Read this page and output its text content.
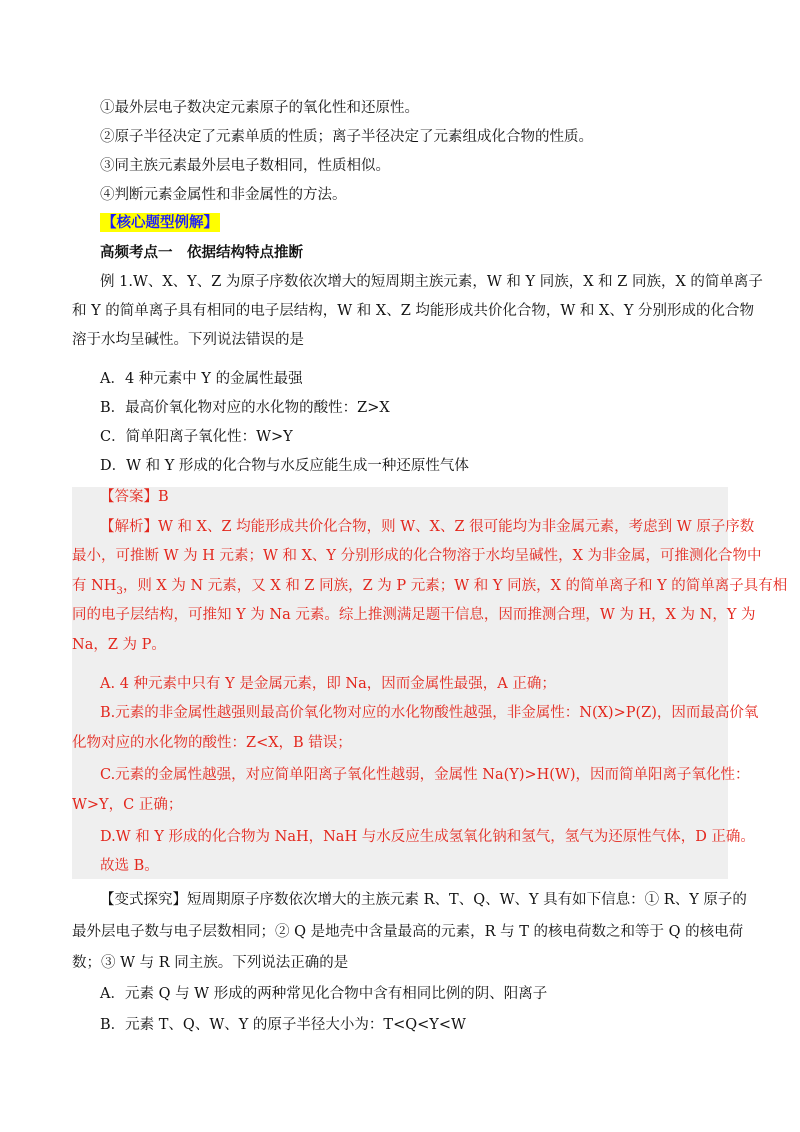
①最外层电子数决定元素原子的氧化性和还原性。
②原子半径决定了元素单质的性质；离子半径决定了元素组成化合物的性质。
③同主族元素最外层电子数相同，性质相似。
④判断元素金属性和非金属性的方法。
【核心题型例解】
高频考点一　依据结构特点推断
例 1.W、X、Y、Z 为原子序数依次增大的短周期主族元素，W 和 Y 同族，X 和 Z 同族，X 的简单离子
和 Y 的简单离子具有相同的电子层结构，W 和 X、Z 均能形成共价化合物，W 和 X、Y 分别形成的化合物
溶于水均呈碱性。下列说法错误的是
A．4 种元素中 Y 的金属性最强
B．最高价氧化物对应的水化物的酸性：Z>X
C．简单阳离子氧化性：W>Y
D．W 和 Y 形成的化合物与水反应能生成一种还原性气体
【答案】B
【解析】W 和 X、Z 均能形成共价化合物，则 W、X、Z 很可能均为非金属元素，考虑到 W 原子序数
最小，可推断 W 为 H 元素；W 和 X、Y 分别形成的化合物溶于水均呈碱性，X 为非金属，可推测化合物中
有 $NH_3$，则 X 为 N 元素，又 X 和 Z 同族，Z 为 P 元素；W 和 Y 同族，X 的简单离子和 Y 的简单离子具有相
同的电子层结构，可推知 Y 为 Na 元素。综上推测满足题干信息，因而推测合理，W 为 H，X 为 N，Y 为
Na，Z 为 P。
A. 4 种元素中只有 Y 是金属元素，即 Na，因而金属性最强，A 正确；
B.元素的非金属性越强则最高价氧化物对应的水化物酸性越强，非金属性：N(X)>P(Z)，因而最高价氧
化物对应的水化物的酸性：Z<X，B 错误；
C.元素的金属性越强，对应简单阳离子氧化性越弱，金属性 Na(Y)>H(W)，因而简单阳离子氧化性：
W>Y，C 正确；
D.W 和 Y 形成的化合物为 NaH，NaH 与水反应生成氢氧化钠和氢气，氢气为还原性气体，D 正确。
故选 B。
【变式探究】短周期原子序数依次增大的主族元素 R、T、Q、W、Y 具有如下信息：① R、Y 原子的
最外层电子数与电子层数相同；② Q 是地壳中含量最高的元素，R 与 T 的核电荷数之和等于 Q 的核电荷
数；③ W 与 R 同主族。下列说法正确的是
A．元素 Q 与 W 形成的两种常见化合物中含有相同比例的阴、阳离子
B．元素 T、Q、W、Y 的原子半径大小为：T<Q<Y<W
